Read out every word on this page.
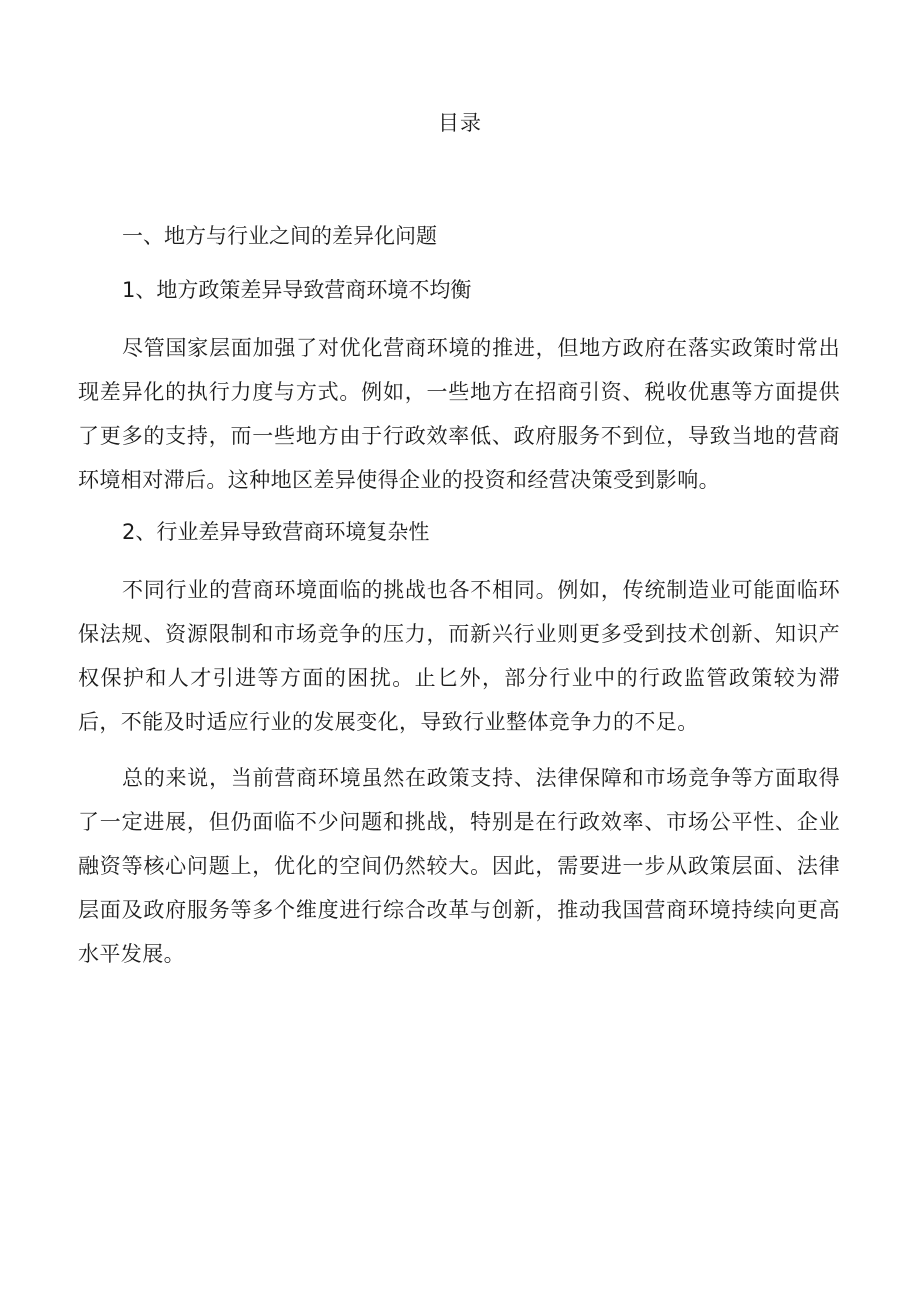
目录
一、地方与行业之间的差异化问题
1、地方政策差异导致营商环境不均衡

尽管国家层面加强了对优化营商环境的推进，但地方政府在落实政策时常出现差异化的执行力度与方式。例如，一些地方在招商引资、税收优惠等方面提供了更多的支持，而一些地方由于行政效率低、政府服务不到位，导致当地的营商环境相对滞后。这种地区差异使得企业的投资和经营决策受到影响。

2、行业差异导致营商环境复杂性

不同行业的营商环境面临的挑战也各不相同。例如，传统制造业可能面临环保法规、资源限制和市场竞争的压力，而新兴行业则更多受到技术创新、知识产权保护和人才引进等方面的困扰。止匕外，部分行业中的行政监管政策较为滞后，不能及时适应行业的发展变化，导致行业整体竞争力的不足。

总的来说，当前营商环境虽然在政策支持、法律保障和市场竞争等方面取得了一定进展，但仍面临不少问题和挑战，特别是在行政效率、市场公平性、企业融资等核心问题上，优化的空间仍然较大。因此，需要进一步从政策层面、法律层面及政府服务等多个维度进行综合改革与创新，推动我国营商环境持续向更高水平发展。
